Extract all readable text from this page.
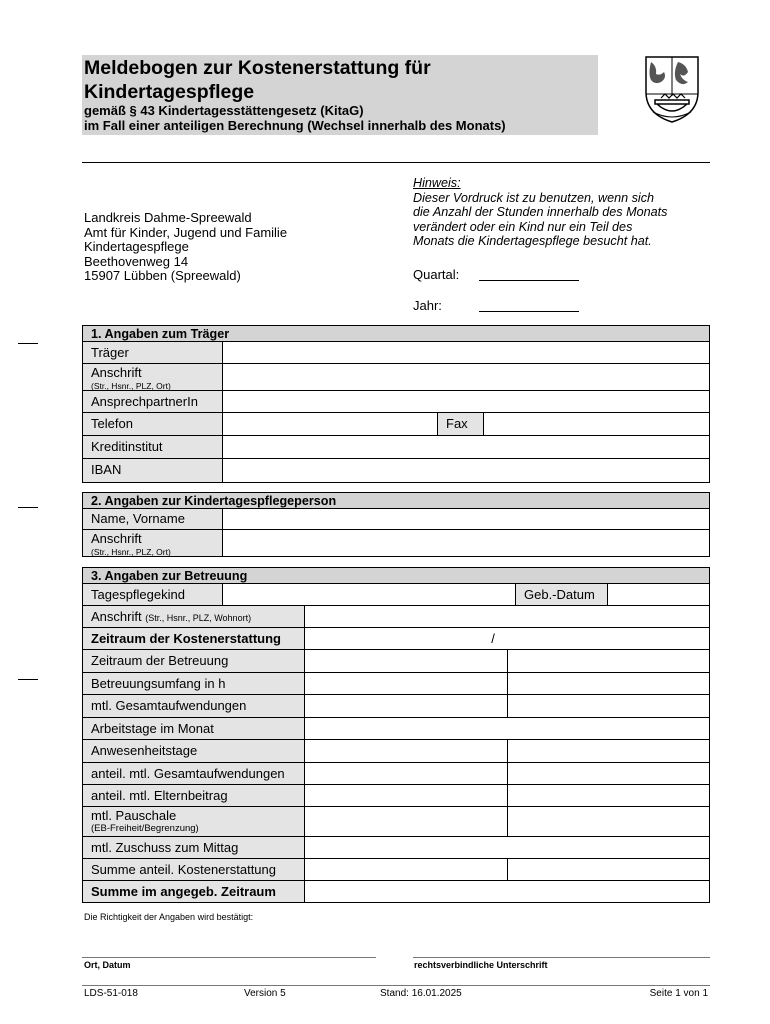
Meldebogen zur Kostenerstattung für
Kindertagespflege
gemäß § 43 Kindertagesstättengesetz (KitaG)
im Fall einer anteiligen Berechnung (Wechsel innerhalb des Monats)
Landkreis Dahme-Spreewald
Amt für Kinder, Jugend und Familie
Kindertagespflege
Beethovenweg 14
15907 Lübben (Spreewald)
Hinweis:
Dieser Vordruck ist zu benutzen, wenn sich
die Anzahl der Stunden innerhalb des Monats
verändert oder ein Kind nur ein Teil des
Monats die Kindertagespflege besucht hat.
Quartal:
Jahr:
1. Angaben zum Träger
Träger
Anschrift
(Str., Hsnr., PLZ, Ort)
AnsprechpartnerIn
Telefon	Fax
Kreditinstitut
IBAN
2. Angaben zur Kindertagespflegeperson
Name, Vorname
Anschrift
(Str., Hsnr., PLZ, Ort)
3. Angaben zur Betreuung
Tagespflegekind	Geb.-Datum
Anschrift (Str., Hsnr., PLZ, Wohnort)
Zeitraum der Kostenerstattung	/
Zeitraum der Betreuung
Betreuungsumfang in h
mtl. Gesamtaufwendungen
Arbeitstage im Monat
Anwesenheitstage
anteil. mtl. Gesamtaufwendungen
anteil. mtl. Elternbeitrag
mtl. Pauschale
(EB-Freiheit/Begrenzung)
mtl. Zuschuss zum Mittag
Summe anteil. Kostenerstattung
Summe im angegeb. Zeitraum
Die Richtigkeit der Angaben wird bestätigt:
Ort, Datum	rechtsverbindliche Unterschrift
LDS-51-018	Version 5	Stand: 16.01.2025	Seite 1 von 1
